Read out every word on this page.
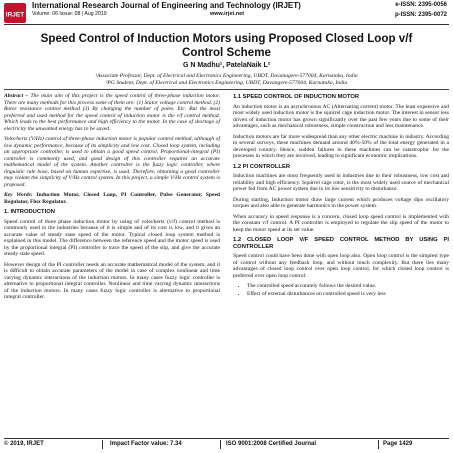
IRJET
International Research Journal of Engineering and Technology (IRJET)
Volume: 06 Issue: 08 | Aug 2019	www.irjet.net
e-ISSN: 2395-0056
p-ISSN: 2395-0072
Speed Control of Induction Motors using Proposed Closed Loop v/f Control Scheme
G N Madhu¹, PatelaNaik L²
¹Associate Professor, Dept. of Electrical and Electronics Engineering, UBDT, Davanagere-577004, Karnataka, India
²PG Student, Dept. of Electrical and Electronics Engineering, UBDT, Davangere-577004, Karnataka, India

Abstract – The main aim of this project is the speed control of three-phase induction motor. There are many methods for this process some of them are: (1) Stator voltage control method. (2) Rotor resistance control method (3) By changing the number of poles. Etc. But the most preferred and used method for the speed control of induction motor is the v/f control method. Which leads to the best performance and high efficiency to the motor. In the case of shortage of electricity the unwanted energy has to be saved.

Volts/hertz (V/Hz) control of three-phase induction motor is popular control method, although of low dynamic performance, because of its simplicity and low cost. Closed loop system, including an appropriate controller, is used to obtain a good speed control. Proportional-integral (PI) controller is commonly used, and good design of this controller requires an accurate mathematical model of the system. Another controller is the fuzzy logic controller, where linguistic rule base, based on human expertise, is used. Therefore, obtaining a good controller may violate the simplicity of V/Hz control system. In this project, a simple V/Hz control system is proposed.

Key Words: Induction Motor, Closed Loop, PI Controller, Pulse Generator, Speed Regulator, Flux Regulator.

1. INTRODUCTION

Speed control of three phase induction motor by using of volts/hertz (v/f) control method is commonly used in the industries because of it is simple and of its cost is low, and it gives an accurate value of steady state speed of the motor. Typical closed loop system method is explained in this model. The difference between the reference speed and the motor speed is used by the proportional integral (PI) controller to trace the speed of the slip, and give the accurate steady state speed.

However design of the PI controller needs an accurate mathematical model of the system, and it is difficult to obtain accurate parameters of the model in case of complex nonlinear and time varying dynamic interactions of the induction motors. In many cases fuzzy logic controller is alternative to proportional integral controller. Nonlinear and time varying dynamic interactions of the induction motors. In many cases fuzzy logic controller is alternative to proportional integral controller.

1.1 SPEED CONTROL OF INDUCTION MOTOR

An induction motor is an asynchronous AC (Alternating current) motor. The least expensive and most widely used induction motor is the squirrel cage induction motor. The interest in sensor less driven of induction motor has grown significantly over the past few years due to some of their advantages, such as mechanical robustness, simple construction and less maintenance.

Induction motors are far more widespread than any other electric machine in industry. According to several surveys, these machines demand around 40%-50% of the total energy generated in a developed country. Hence, sudden failures in these machines can be catastrophic for the processes in which they are involved, leading to significant economic implications.

1.2 PI CONTROLLER

Induction machines are most frequently used in industries due to their robustness, low cost and reliability and high efficiency. Squirrel cage rotor, is the most widely used source of mechanical power fed from AC power system due to its low sensitivity to disturbance.

During starting, Induction motor draw large current which produces voltage dips oscillatory torques and also able to generate harmonics in the power system.

When accuracy in speed response is a concern, closed loop speed control is implemented with the constant v/f control. A PI controller is employed to regulate the slip speed of the motor to keep the motor speed at its set value.

1.2 CLOSED LOOP V/F SPEED CONTROL METHOD BY USING PI CONTROLLER

Speed control could have been done with open loop also. Open loop control is the simplest type of control without any feedback loop, and without much complexity. But there lies many advantages of closed loop control over open loop control, for which closed loop control is preferred over open loop control:

• The controlled speed accurately follows the desired value.
• Effect of external disturbances on controlled speed is very less
© 2019, IRJET	Impact Factor value: 7.34	ISO 9001:2008 Certified Journal	Page 1429
